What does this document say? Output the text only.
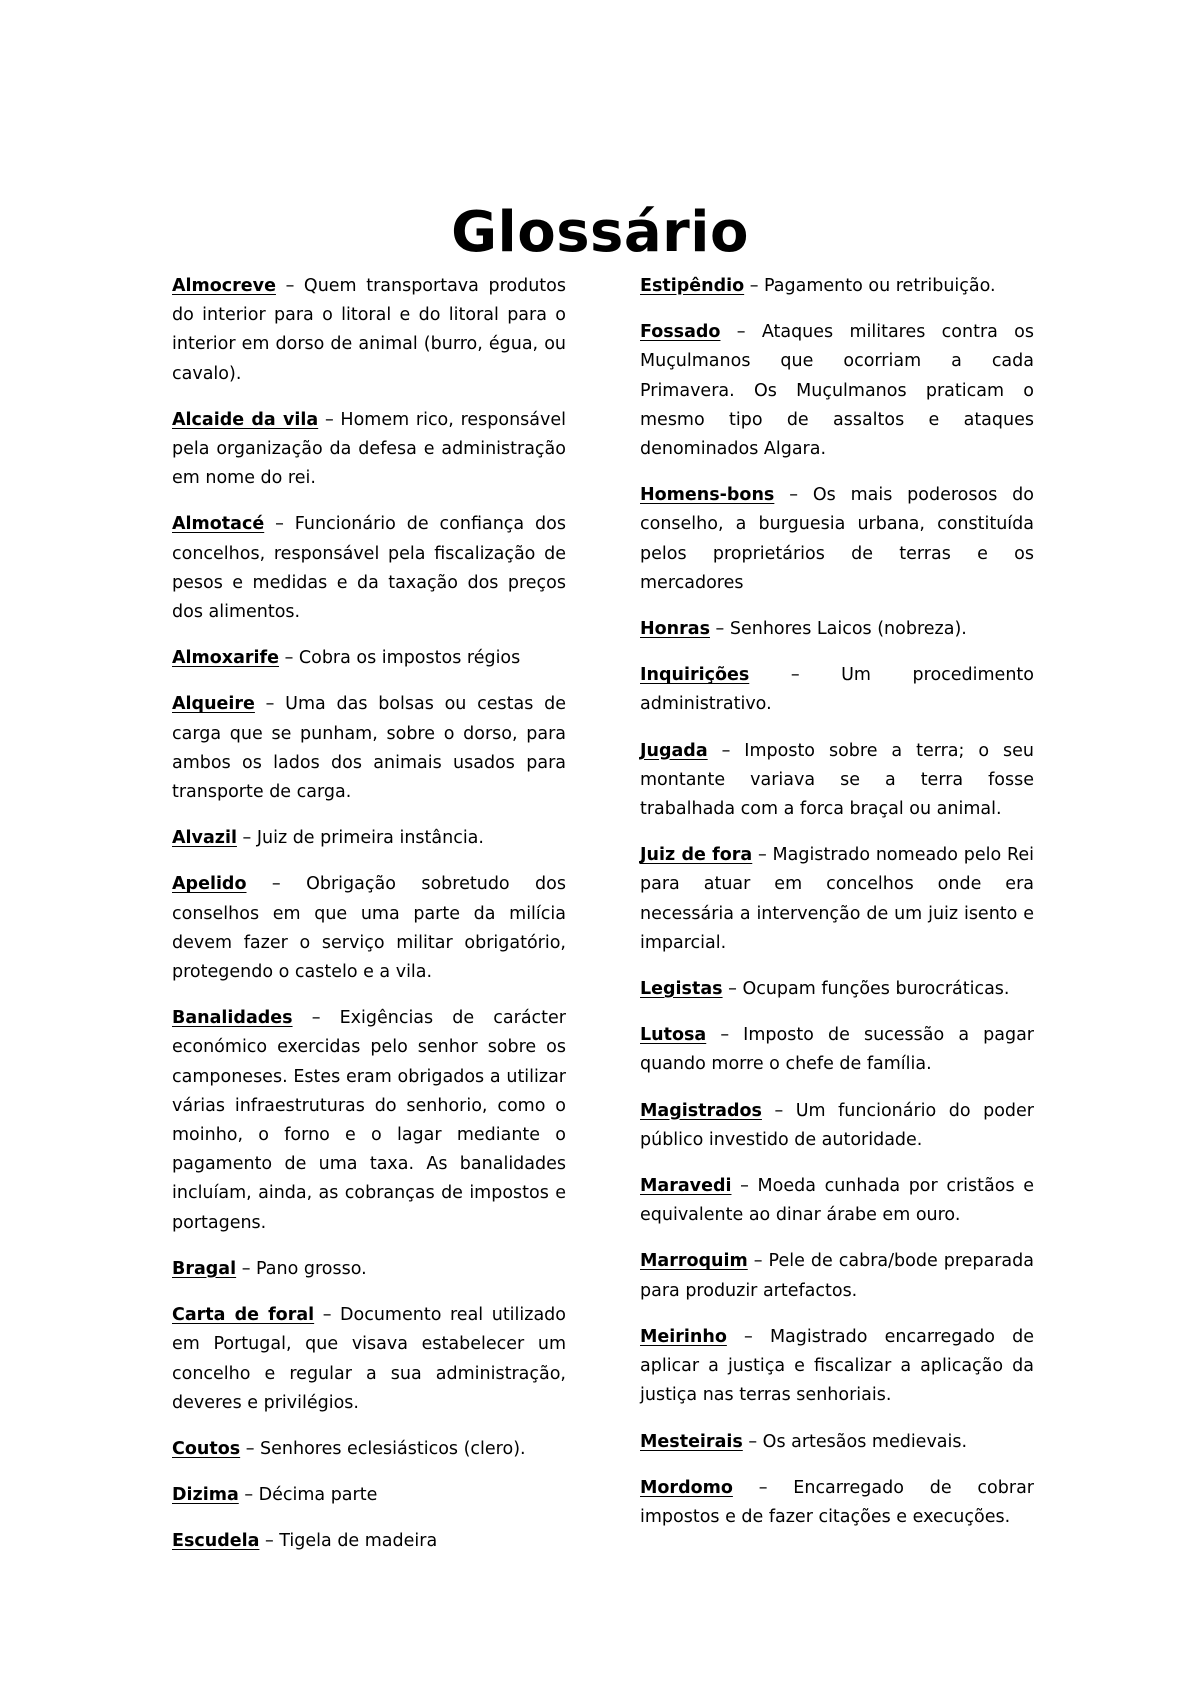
Glossário

Almocreve – Quem transportava produtos do interior para o litoral e do litoral para o interior em dorso de animal (burro, égua, ou cavalo).

Alcaide da vila – Homem rico, responsável pela organização da defesa e administração em nome do rei.

Almotacé – Funcionário de confiança dos concelhos, responsável pela fiscalização de pesos e medidas e da taxação dos preços dos alimentos.

Almoxarife – Cobra os impostos régios

Alqueire – Uma das bolsas ou cestas de carga que se punham, sobre o dorso, para ambos os lados dos animais usados para transporte de carga.

Alvazil – Juiz de primeira instância.

Apelido – Obrigação sobretudo dos conselhos em que uma parte da milícia devem fazer o serviço militar obrigatório, protegendo o castelo e a vila.

Banalidades – Exigências de carácter económico exercidas pelo senhor sobre os camponeses. Estes eram obrigados a utilizar várias infraestruturas do senhorio, como o moinho, o forno e o lagar mediante o pagamento de uma taxa. As banalidades incluíam, ainda, as cobranças de impostos e portagens.

Bragal – Pano grosso.

Carta de foral – Documento real utilizado em Portugal, que visava estabelecer um concelho e regular a sua administração, deveres e privilégios.

Coutos – Senhores eclesiásticos (clero).

Dizima – Décima parte

Escudela – Tigela de madeira

Estipêndio – Pagamento ou retribuição.

Fossado – Ataques militares contra os Muçulmanos que ocorriam a cada Primavera. Os Muçulmanos praticam o mesmo tipo de assaltos e ataques denominados Algara.

Homens-bons – Os mais poderosos do conselho, a burguesia urbana, constituída pelos proprietários de terras e os mercadores

Honras – Senhores Laicos (nobreza).

Inquirições – Um procedimento administrativo.

Jugada – Imposto sobre a terra; o seu montante variava se a terra fosse trabalhada com a forca braçal ou animal.

Juiz de fora – Magistrado nomeado pelo Rei para atuar em concelhos onde era necessária a intervenção de um juiz isento e imparcial.

Legistas – Ocupam funções burocráticas.

Lutosa – Imposto de sucessão a pagar quando morre o chefe de família.

Magistrados – Um funcionário do poder público investido de autoridade.

Maravedi – Moeda cunhada por cristãos e equivalente ao dinar árabe em ouro.

Marroquim – Pele de cabra/bode preparada para produzir artefactos.

Meirinho – Magistrado encarregado de aplicar a justiça e fiscalizar a aplicação da justiça nas terras senhoriais.

Mesteirais – Os artesãos medievais.

Mordomo – Encarregado de cobrar impostos e de fazer citações e execuções.
